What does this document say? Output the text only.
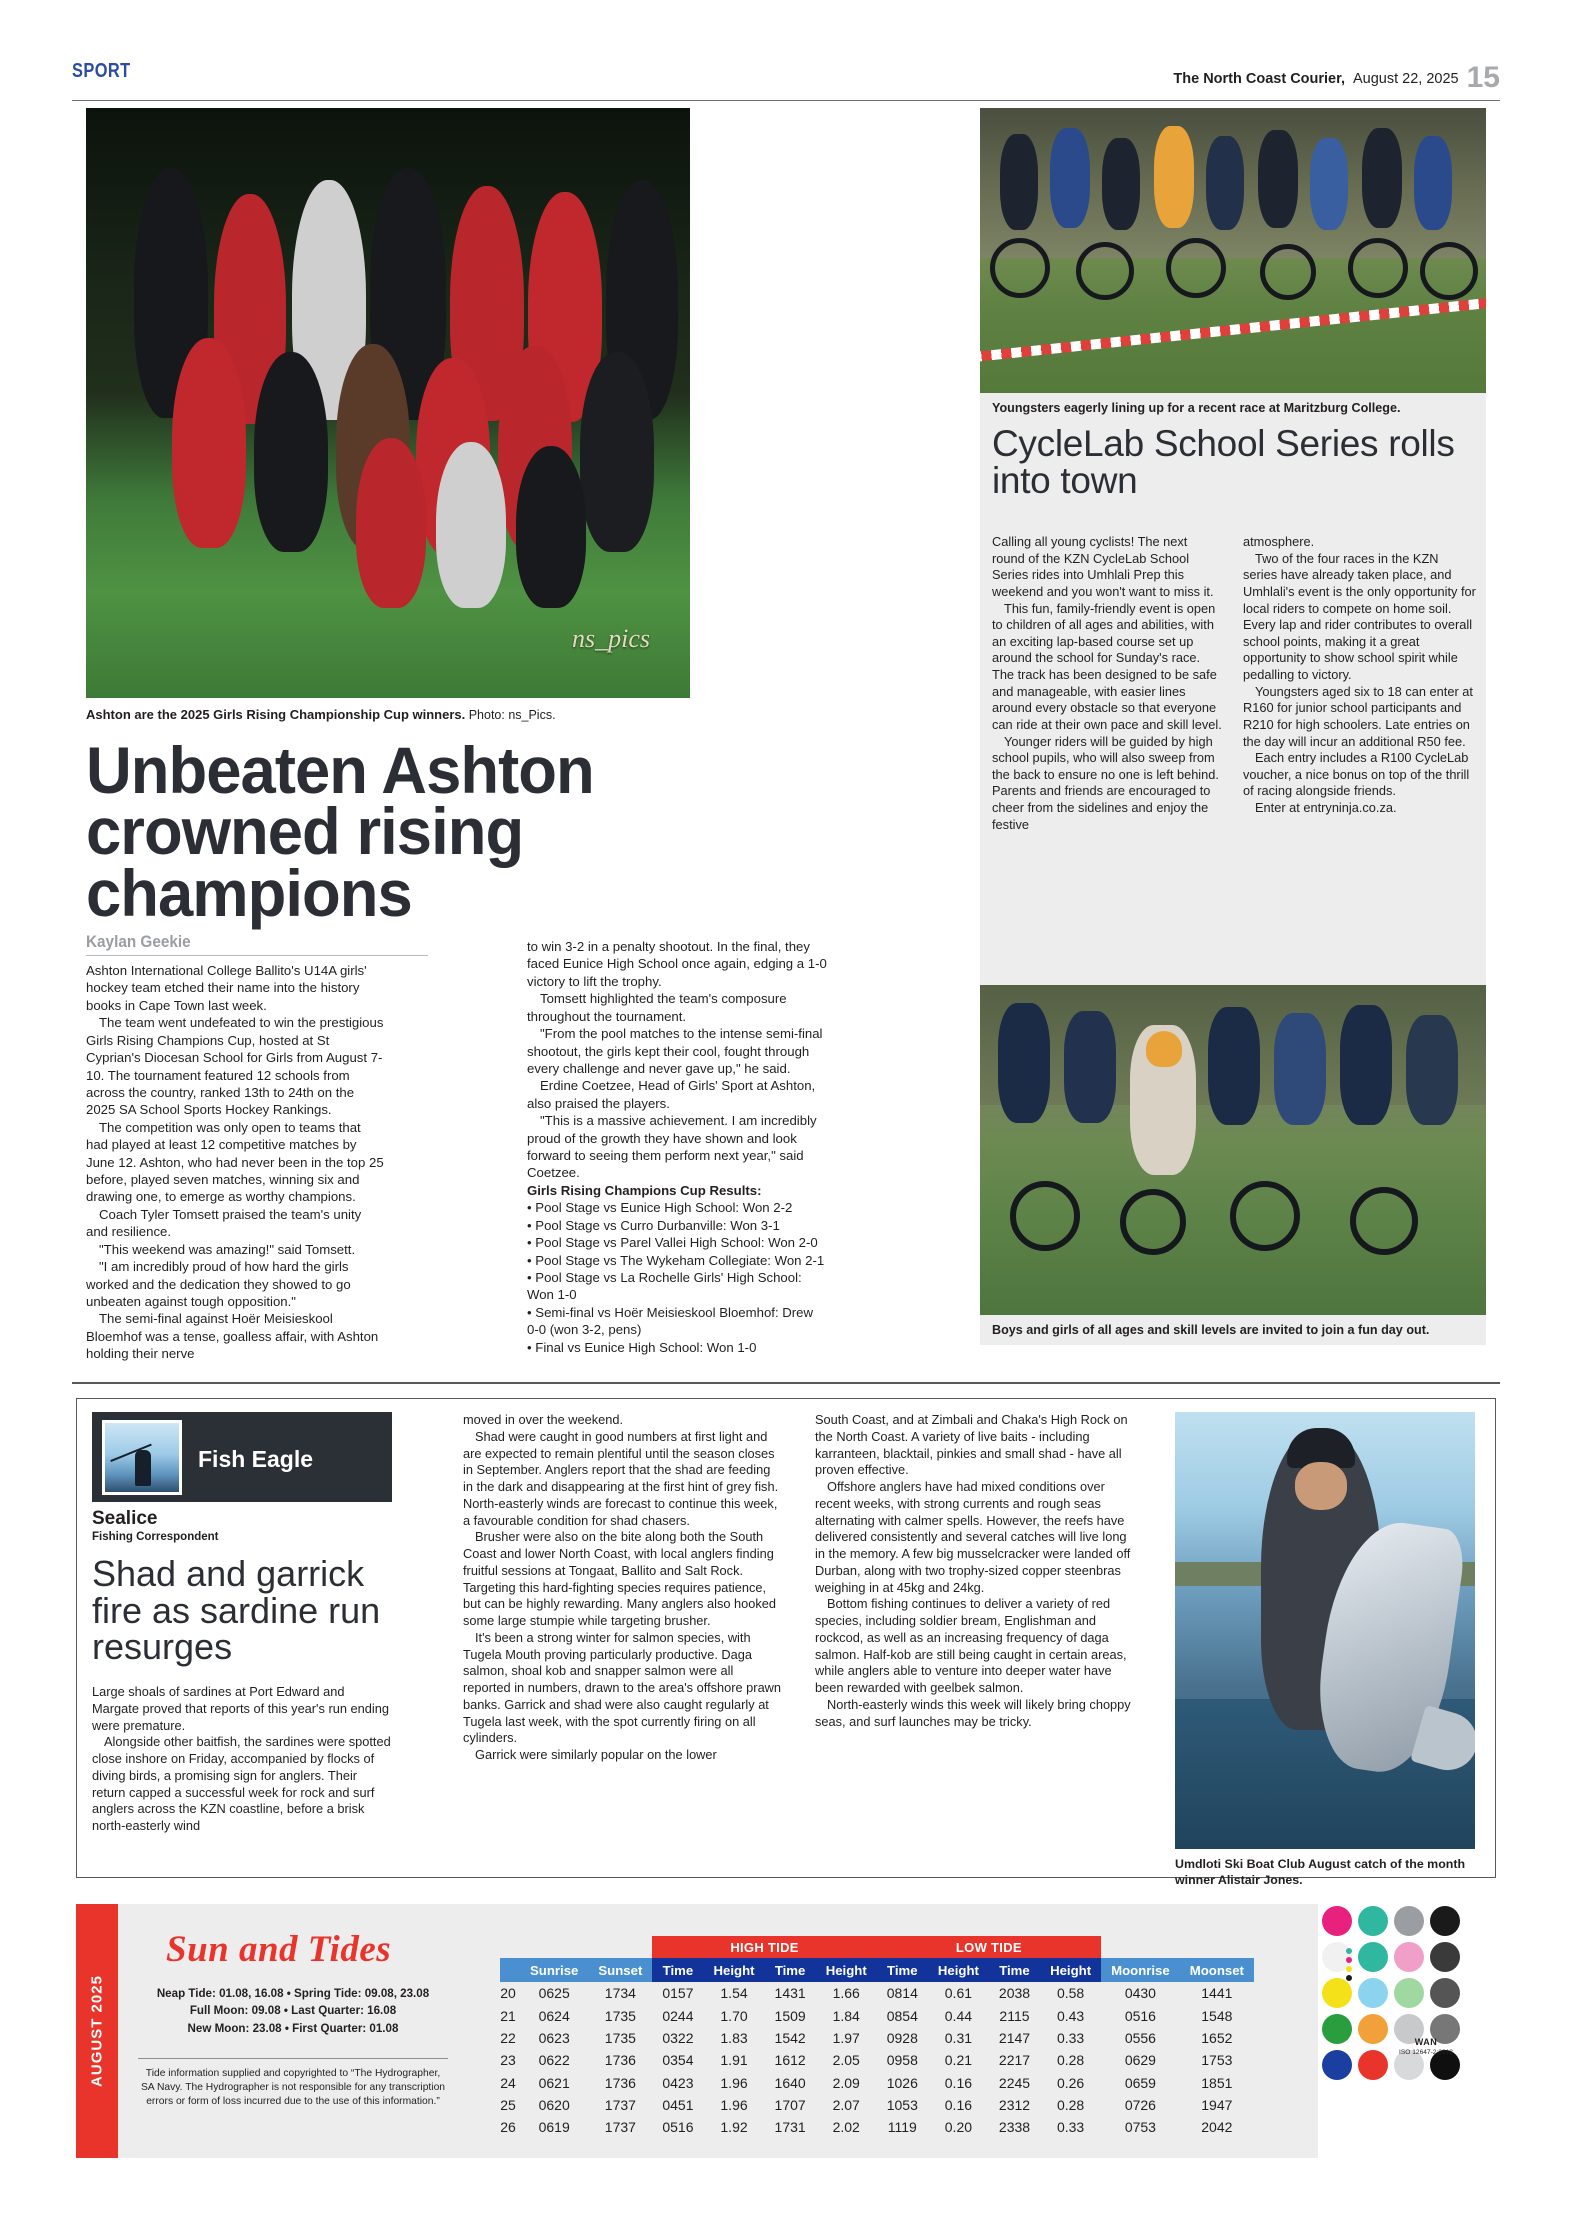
SPORT	The North Coast Courier, August 22, 2025 15
ns_pics
Ashton are the 2025 Girls Rising Championship Cup winners. Photo: ns_Pics.
Unbeaten Ashton crowned rising champions
Kaylan Geekie

Ashton International College Ballito's U14A girls' hockey team etched their name into the history books in Cape Town last week.

The team went undefeated to win the prestigious Girls Rising Champions Cup, hosted at St Cyprian's Diocesan School for Girls from August 7-10. The tournament featured 12 schools from across the country, ranked 13th to 24th on the 2025 SA School Sports Hockey Rankings.

The competition was only open to teams that had played at least 12 competitive matches by June 12. Ashton, who had never been in the top 25 before, played seven matches, winning six and drawing one, to emerge as worthy champions.

Coach Tyler Tomsett praised the team's unity and resilience.

"This weekend was amazing!" said Tomsett.

"I am incredibly proud of how hard the girls worked and the dedication they showed to go unbeaten against tough opposition."

The semi-final against Hoër Meisieskool Bloemhof was a tense, goalless affair, with Ashton holding their nerve

to win 3-2 in a penalty shootout. In the final, they faced Eunice High School once again, edging a 1-0 victory to lift the trophy.

Tomsett highlighted the team's composure throughout the tournament.

"From the pool matches to the intense semi-final shootout, the girls kept their cool, fought through every challenge and never gave up," he said.

Erdine Coetzee, Head of Girls' Sport at Ashton, also praised the players.

"This is a massive achievement. I am incredibly proud of the growth they have shown and look forward to seeing them perform next year," said Coetzee.

Girls Rising Champions Cup Results:

• Pool Stage vs Eunice High School: Won 2-2

• Pool Stage vs Curro Durbanville: Won 3-1

• Pool Stage vs Parel Vallei High School: Won 2-0

• Pool Stage vs The Wykeham Collegiate: Won 2-1

• Pool Stage vs La Rochelle Girls' High School: Won 1-0

• Semi-final vs Hoër Meisieskool Bloemhof: Drew 0-0 (won 3-2, pens)

• Final vs Eunice High School: Won 1-0

Youngsters eagerly lining up for a recent race at Maritzburg College.
CycleLab School Series rolls into town

Calling all young cyclists! The next round of the KZN CycleLab School Series rides into Umhlali Prep this weekend and you won't want to miss it.

This fun, family-friendly event is open to children of all ages and abilities, with an exciting lap-based course set up around the school for Sunday's race. The track has been designed to be safe and manageable, with easier lines around every obstacle so that everyone can ride at their own pace and skill level.

Younger riders will be guided by high school pupils, who will also sweep from the back to ensure no one is left behind. Parents and friends are encouraged to cheer from the sidelines and enjoy the festive

atmosphere.

Two of the four races in the KZN series have already taken place, and Umhlali's event is the only opportunity for local riders to compete on home soil. Every lap and rider contributes to overall school points, making it a great opportunity to show school spirit while pedalling to victory.

Youngsters aged six to 18 can enter at R160 for junior school participants and R210 for high schoolers. Late entries on the day will incur an additional R50 fee.

Each entry includes a R100 CycleLab voucher, a nice bonus on top of the thrill of racing alongside friends.

Enter at entryninja.co.za.

Boys and girls of all ages and skill levels are invited to join a fun day out.
Fish Eagle
Sealice
Fishing Correspondent
Shad and garrick fire as sardine run resurges

Large shoals of sardines at Port Edward and Margate proved that reports of this year's run ending were premature.

Alongside other baitfish, the sardines were spotted close inshore on Friday, accompanied by flocks of diving birds, a promising sign for anglers. Their return capped a successful week for rock and surf anglers across the KZN coastline, before a brisk north-easterly wind

moved in over the weekend.

Shad were caught in good numbers at first light and are expected to remain plentiful until the season closes in September. Anglers report that the shad are feeding in the dark and disappearing at the first hint of grey fish. North-easterly winds are forecast to continue this week, a favourable condition for shad chasers.

Brusher were also on the bite along both the South Coast and lower North Coast, with local anglers finding fruitful sessions at Tongaat, Ballito and Salt Rock. Targeting this hard-fighting species requires patience, but can be highly rewarding. Many anglers also hooked some large stumpie while targeting brusher.

It's been a strong winter for salmon species, with Tugela Mouth proving particularly productive. Daga salmon, shoal kob and snapper salmon were all reported in numbers, drawn to the area's offshore prawn banks. Garrick and shad were also caught regularly at Tugela last week, with the spot currently firing on all cylinders.

Garrick were similarly popular on the lower

South Coast, and at Zimbali and Chaka's High Rock on the North Coast. A variety of live baits - including karranteen, blacktail, pinkies and small shad - have all proven effective.

Offshore anglers have had mixed conditions over recent weeks, with strong currents and rough seas alternating with calmer spells. However, the reefs have delivered consistently and several catches will live long in the memory. A few big musselcracker were landed off Durban, along with two trophy-sized copper steenbras weighing in at 45kg and 24kg.

Bottom fishing continues to deliver a variety of red species, including soldier bream, Englishman and rockcod, as well as an increasing frequency of daga salmon. Half-kob are still being caught in certain areas, while anglers able to venture into deeper water have been rewarded with geelbek salmon.

North-easterly winds this week will likely bring choppy seas, and surf launches may be tricky.

Umdloti Ski Boat Club August catch of the month winner Alistair Jones.
AUGUST 2025
Sun and Tides
Neap Tide: 01.08, 16.08 • Spring Tide: 09.08, 23.08
Full Moon: 09.08 • Last Quarter: 16.08
New Moon: 23.08 • First Quarter: 01.08
Tide information supplied and copyrighted to “The Hydrographer, SA Navy. The Hydrographer is not responsible for any transcription errors or form of loss incurred due to the use of this information.”
			HIGH TIDE				LOW TIDE					
	Sunrise	Sunset	Time	Height	Time	Height	Time	Height	Time	Height	Moonrise	Moonset
20	0625	1734	0157	1.54	1431	1.66	0814	0.61	2038	0.58	0430	1441
21	0624	1735	0244	1.70	1509	1.84	0854	0.44	2115	0.43	0516	1548
22	0623	1735	0322	1.83	1542	1.97	0928	0.31	2147	0.33	0556	1652
23	0622	1736	0354	1.91	1612	2.05	0958	0.21	2217	0.28	0629	1753
24	0621	1736	0423	1.96	1640	2.09	1026	0.16	2245	0.26	0659	1851
25	0620	1737	0451	1.96	1707	2.07	1053	0.16	2312	0.28	0726	1947
26	0619	1737	0516	1.92	1731	2.02	1119	0.20	2338	0.33	0753	2042
WAN
ISO 12647-2:2013
